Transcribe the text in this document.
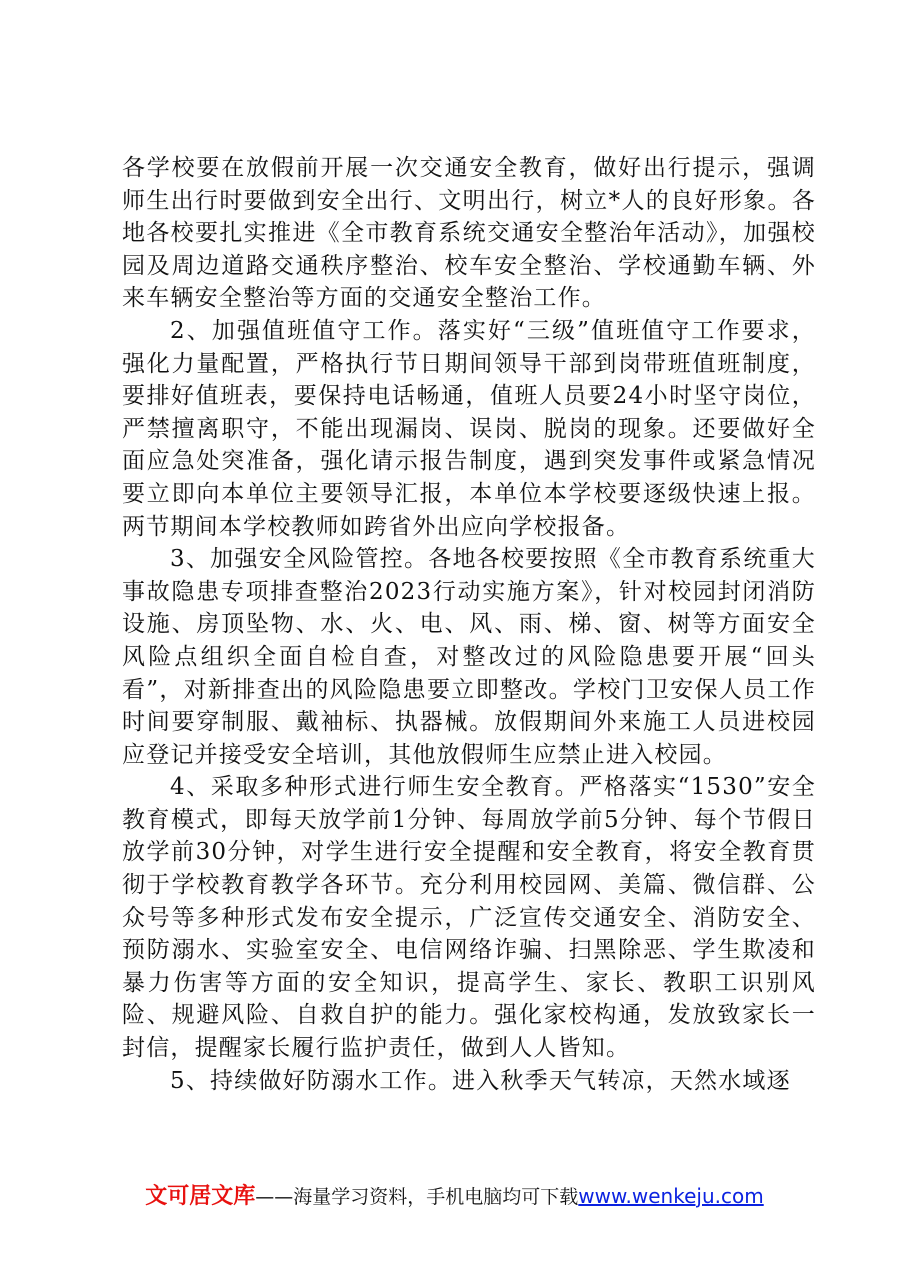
各学校要在放假前开展一次交通安全教育，做好出行提示，强调师生出行时要做到安全出行、文明出行，树立*人的良好形象。各地各校要扎实推进《全市教育系统交通安全整治年活动》，加强校园及周边道路交通秩序整治、校车安全整治、学校通勤车辆、外来车辆安全整治等方面的交通安全整治工作。

2、加强值班值守工作。落实好“三级”值班值守工作要求，强化力量配置，严格执行节日期间领导干部到岗带班值班制度，要排好值班表，要保持电话畅通，值班人员要24小时坚守岗位，严禁擅离职守，不能出现漏岗、误岗、脱岗的现象。还要做好全面应急处突准备，强化请示报告制度，遇到突发事件或紧急情况要立即向本单位主要领导汇报，本单位本学校要逐级快速上报。两节期间本学校教师如跨省外出应向学校报备。

3、加强安全风险管控。各地各校要按照《全市教育系统重大事故隐患专项排查整治2023行动实施方案》，针对校园封闭消防设施、房顶坠物、水、火、电、风、雨、梯、窗、树等方面安全风险点组织全面自检自查，对整改过的风险隐患要开展“回头看”，对新排查出的风险隐患要立即整改。学校门卫安保人员工作时间要穿制服、戴袖标、执器械。放假期间外来施工人员进校园应登记并接受安全培训，其他放假师生应禁止进入校园。

4、采取多种形式进行师生安全教育。严格落实“1530”安全教育模式，即每天放学前1分钟、每周放学前5分钟、每个节假日放学前30分钟，对学生进行安全提醒和安全教育，将安全教育贯彻于学校教育教学各环节。充分利用校园网、美篇、微信群、公众号等多种形式发布安全提示，广泛宣传交通安全、消防安全、预防溺水、实验室安全、电信网络诈骗、扫黑除恶、学生欺凌和暴力伤害等方面的安全知识，提高学生、家长、教职工识别风险、规避风险、自救自护的能力。强化家校构通，发放致家长一封信，提醒家长履行监护责任，做到人人皆知。

5、持续做好防溺水工作。进入秋季天气转凉，天然水域逐

文可居文库——海量学习资料，手机电脑均可下载www.wenkeju.com
